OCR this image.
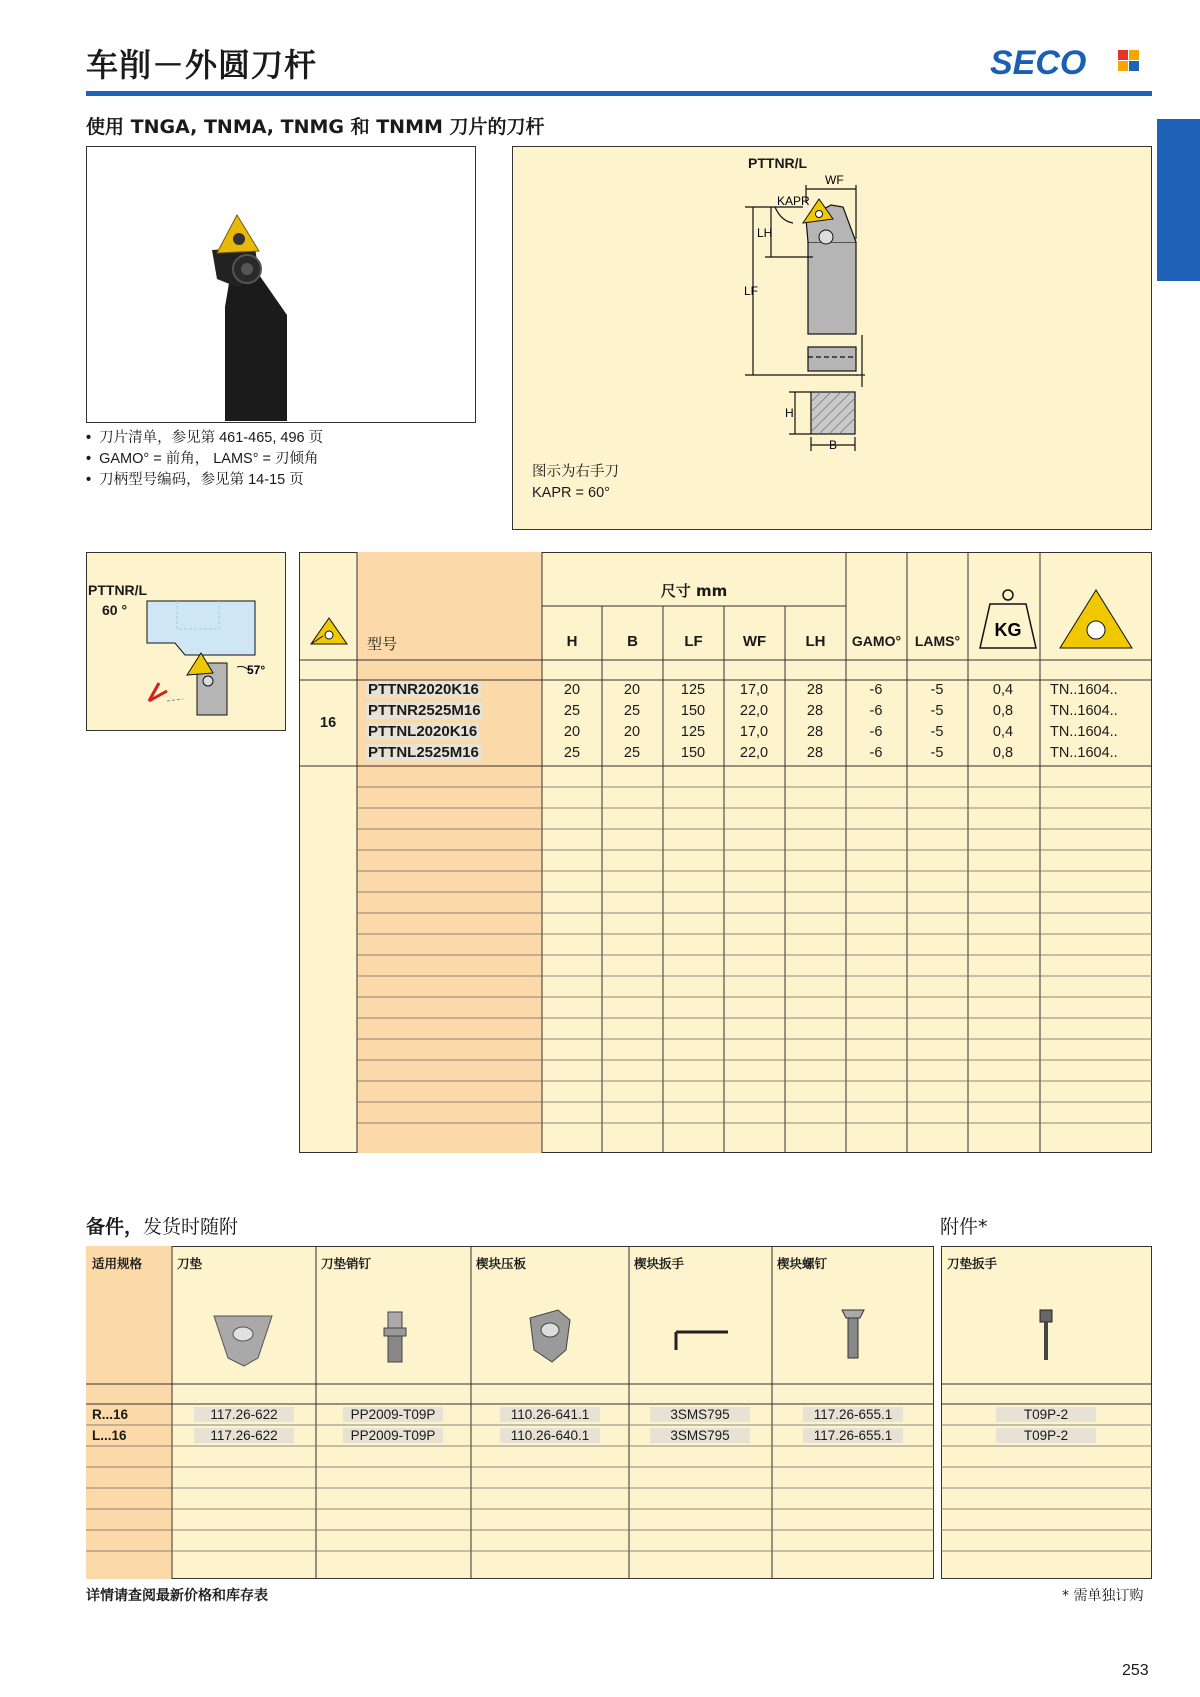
车削－外圆刀杆	SECO
使用 TNGA, TNMA, TNMG 和 TNMM 刀片的刀杆
• 刀片清单，参见第 461-465, 496 页
• GAMO° = 前角， LAMS° = 刃倾角
• 刀柄型号编码，参见第 14-15 页
KAPR
WF
LH
LF
H
B
PTTNR/L
图示为右手刀
KAPR = 60°
57°
PTTNR/L
60 °
KG
尺寸 mm
型号	H	B	LF	WF	LH	GAMO° LAMS°
16
PTTNR2020K16	20	20	125	17,0	28	-6	-5	0,4	TN..1604..
PTTNR2525M16	25	25	150	22,0	28	-6	-5	0,8	TN..1604..
PTTNL2020K16	20	20	125	17,0	28	-6	-5	0,4	TN..1604..
PTTNL2525M16	25	25	150	22,0	28	-6	-5	0,8	TN..1604..
备件，发货时随附	附件*
适用规格	刀垫	刀垫销钉	楔块压板	楔块扳手	楔块螺钉	刀垫扳手
R...16	117.26-622	PP2009-T09P	110.26-641.1	3SMS795	117.26-655.1	T09P-2
L...16	117.26-622	PP2009-T09P	110.26-640.1	3SMS795	117.26-655.1	T09P-2
详情请查阅最新价格和库存表	* 需单独订购
253
